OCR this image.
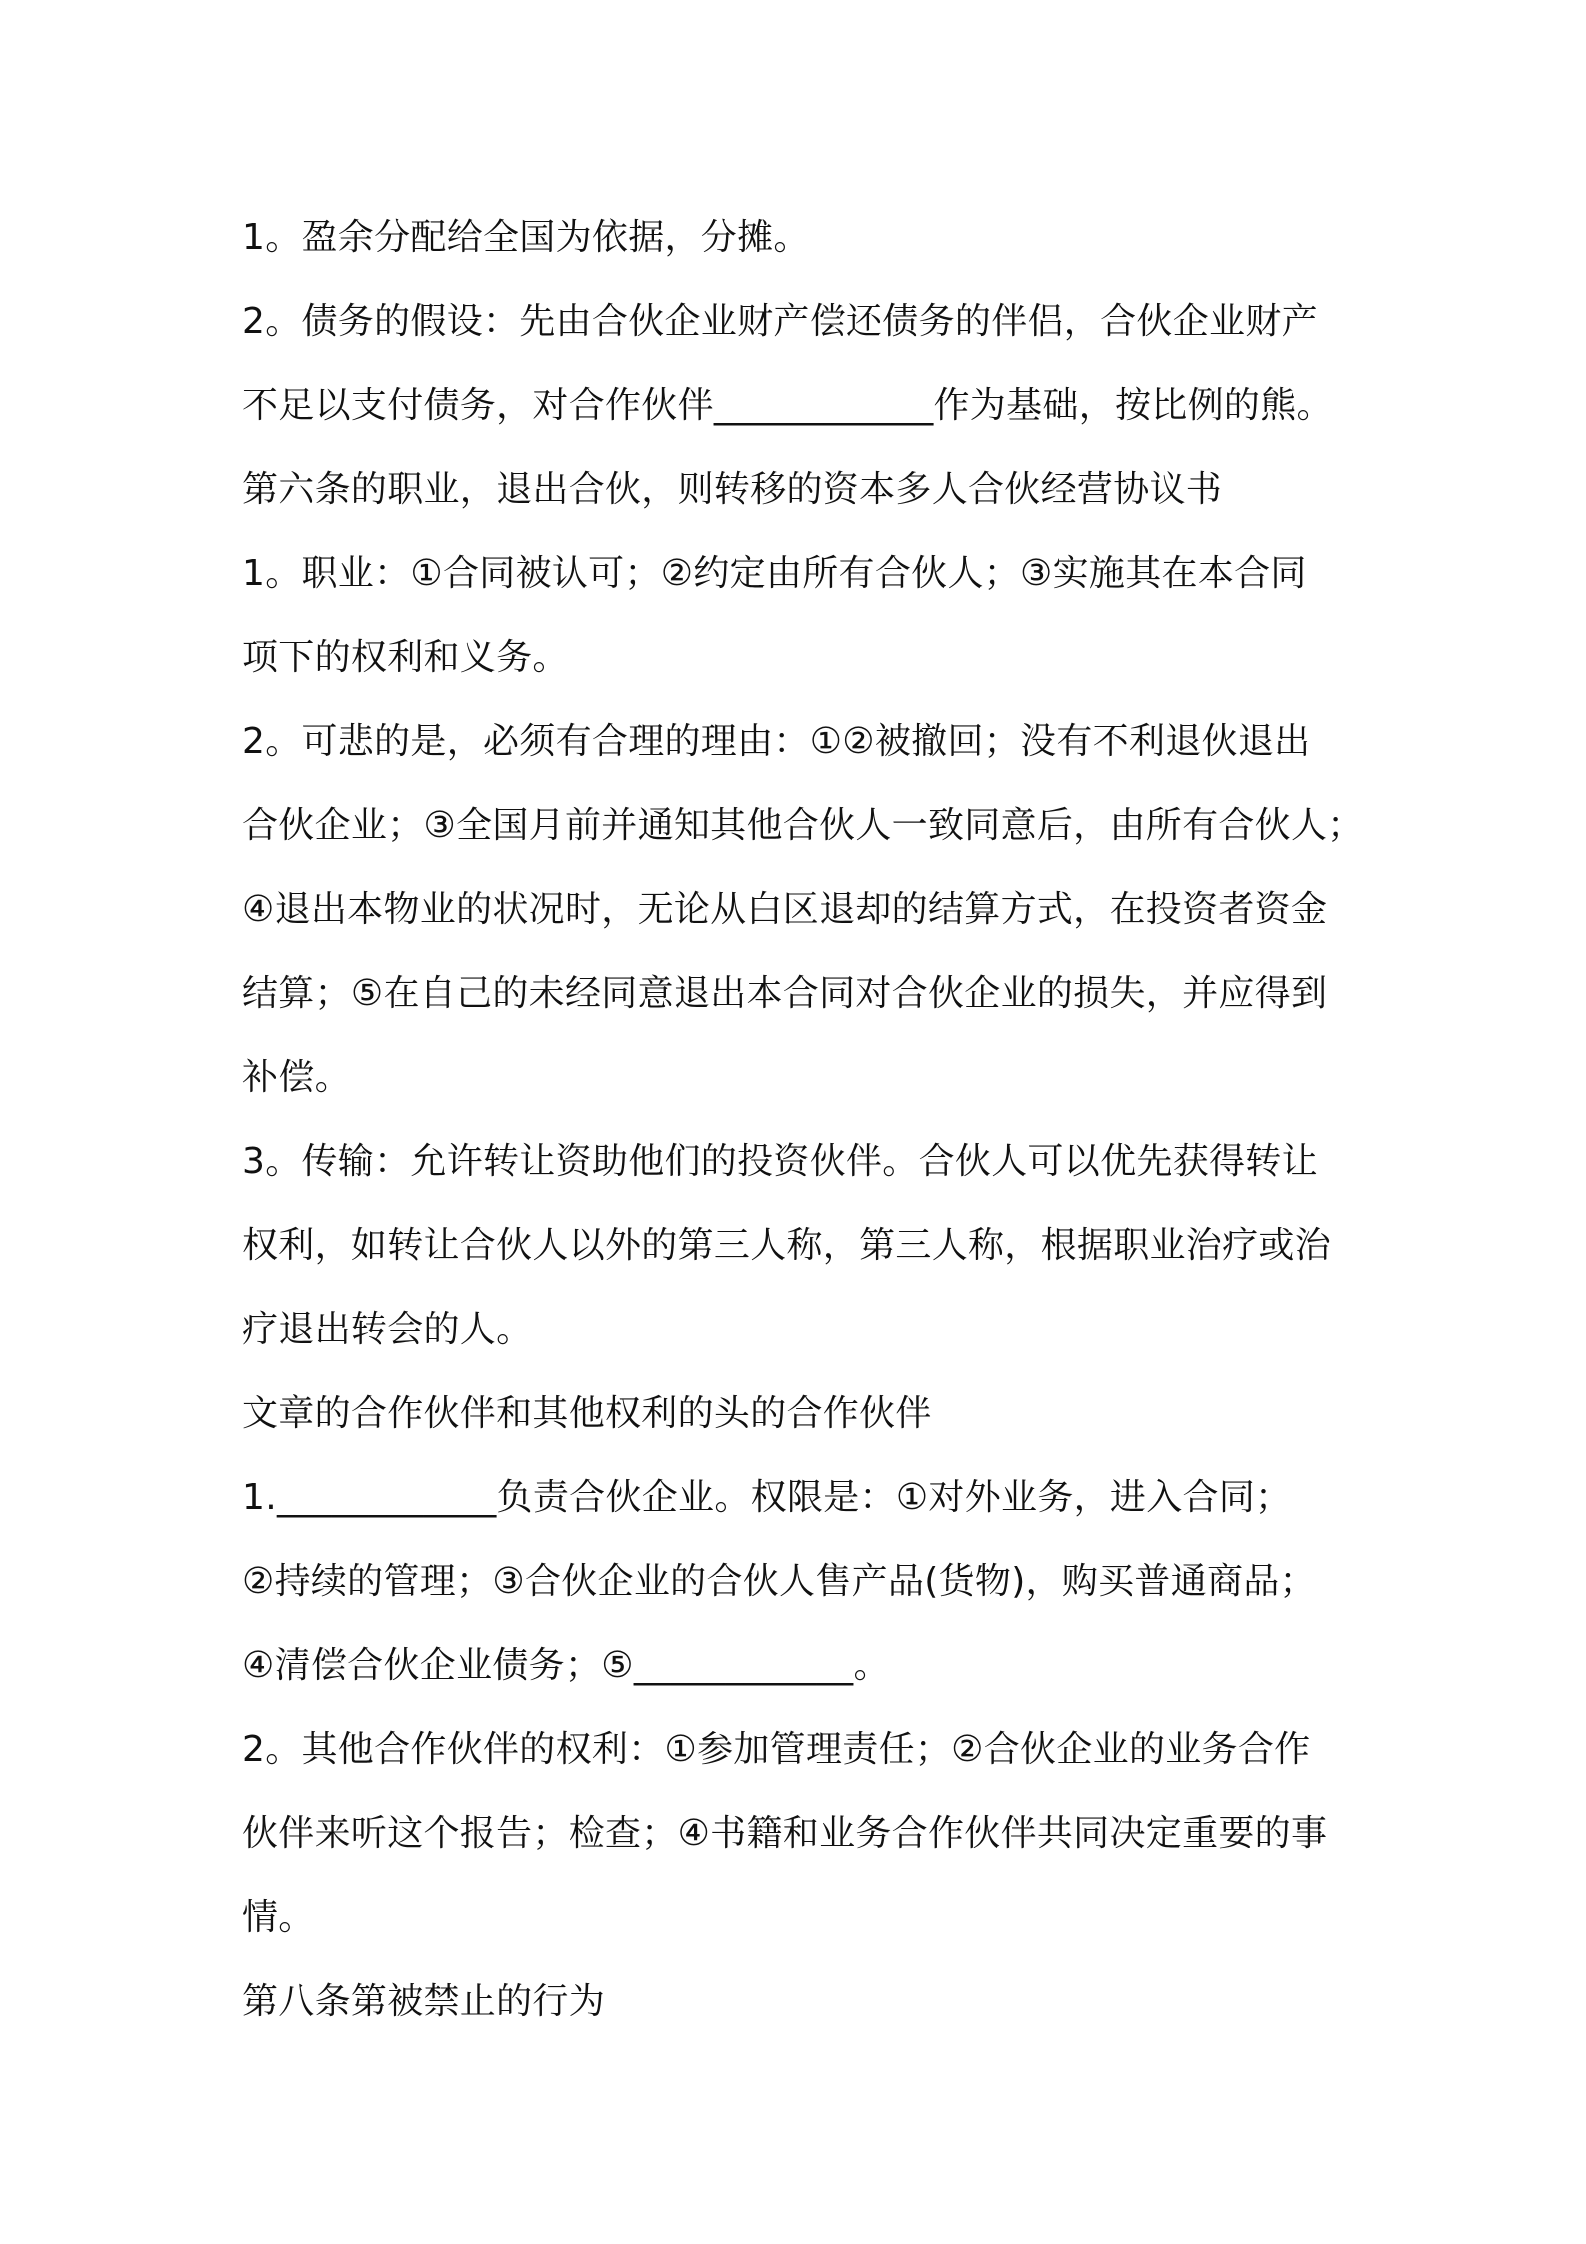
1。盈余分配给全国为依据，分摊。
2。债务的假设：先由合伙企业财产偿还债务的伴侣，合伙企业财产
不足以支付债务，对合作伙伴____________作为基础，按比例的熊。
第六条的职业，退出合伙，则转移的资本多人合伙经营协议书
1。职业：①合同被认可；②约定由所有合伙人；③实施其在本合同
项下的权利和义务。
2。可悲的是，必须有合理的理由：①②被撤回；没有不利退伙退出
合伙企业；③全国月前并通知其他合伙人一致同意后，由所有合伙人；
④退出本物业的状况时，无论从白区退却的结算方式，在投资者资金
结算；⑤在自己的未经同意退出本合同对合伙企业的损失，并应得到
补偿。
3。传输：允许转让资助他们的投资伙伴。合伙人可以优先获得转让
权利，如转让合伙人以外的第三人称，第三人称，根据职业治疗或治
疗退出转会的人。
文章的合作伙伴和其他权利的头的合作伙伴
1.____________负责合伙企业。权限是：①对外业务，进入合同；
②持续的管理；③合伙企业的合伙人售产品(货物)，购买普通商品；
④清偿合伙企业债务；⑤____________。
2。其他合作伙伴的权利：①参加管理责任；②合伙企业的业务合作
伙伴来听这个报告；检查；④书籍和业务合作伙伴共同决定重要的事
情。
第八条第被禁止的行为
